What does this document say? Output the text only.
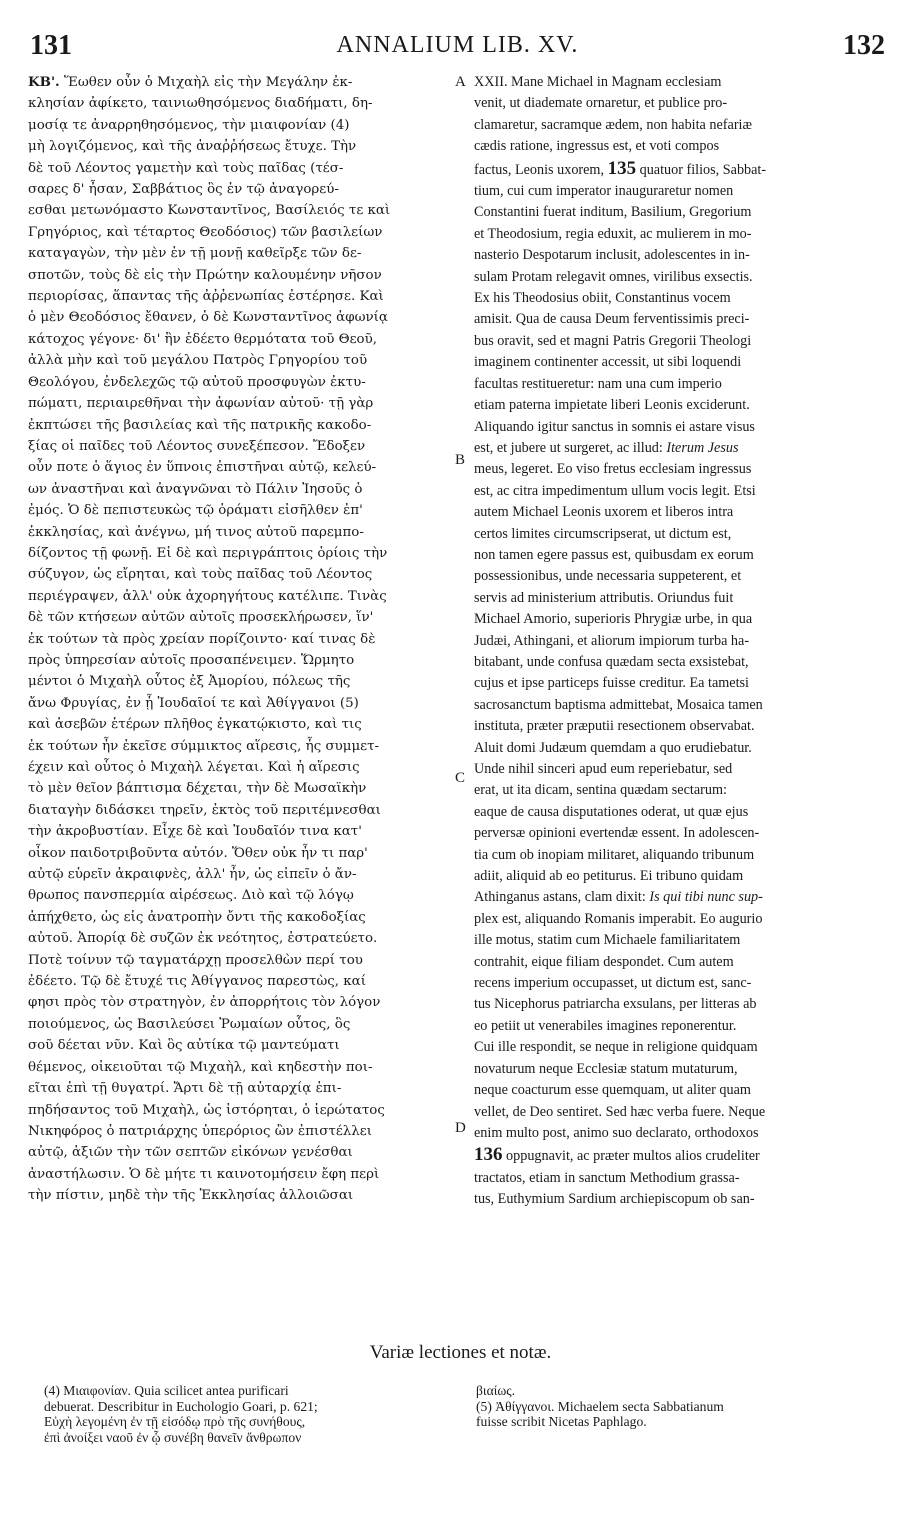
131	ANNALIUM LIB. XV.	132
ΚΒ'. Ἕωθεν οὖν ὁ Μιχαὴλ εἰς τὴν Μεγάλην ἐκ-
κλησίαν ἀφίκετο, ταινιωθησόμενος διαδήματι, δη-
μοσίᾳ τε ἀναρρηθησόμενος, τὴν μιαιφονίαν (4)
μὴ λογιζόμενος, καὶ τῆς ἀναῤῥήσεως ἔτυχε. Τὴν
δὲ τοῦ Λέοντος γαμετὴν καὶ τοὺς παῖδας (τέσ-
σαρες δ' ἦσαν, Σαββάτιος ὃς ἐν τῷ ἀναγορεύ-
εσθαι μετωνόμαστο Κωνσταντῖνος, Βασίλειός τε καὶ
Γρηγόριος, καὶ τέταρτος Θεοδόσιος) τῶν βασιλείων
καταγαγὼν, τὴν μὲν ἐν τῇ μονῇ καθεῖρξε τῶν δε-
σποτῶν, τοὺς δὲ εἰς τὴν Πρώτην καλουμένην νῆσον
περιορίσας, ἅπαντας τῆς ἀῤῥενωπίας ἐστέρησε. Καὶ
ὁ μὲν Θεοδόσιος ἔθανεν, ὁ δὲ Κωνσταντῖνος ἀφωνίᾳ
κάτοχος γέγονε· δι' ἣν ἐδέετο θερμότατα τοῦ Θεοῦ,
ἀλλὰ μὴν καὶ τοῦ μεγάλου Πατρὸς Γρηγορίου τοῦ
Θεολόγου, ἐνδελεχῶς τῷ αὐτοῦ προσφυγὼν ἐκτυ-
πώματι, περιαιρεθῆναι τὴν ἀφωνίαν αὐτοῦ· τῇ γὰρ
ἐκπτώσει τῆς βασιλείας καὶ τῆς πατρικῆς κακοδο-
ξίας οἱ παῖδες τοῦ Λέοντος συνεξέπεσον. Ἔδοξεν
οὖν ποτε ὁ ἅγιος ἐν ὕπνοις ἐπιστῆναι αὐτῷ, κελεύ-
ων ἀναστῆναι καὶ ἀναγνῶναι τὸ Πάλιν Ἰησοῦς ὁ
ἐμός. Ὁ δὲ πεπιστευκὼς τῷ ὁράματι εἰσῆλθεν ἐπ'
ἐκκλησίας, καὶ ἀνέγνω, μή τινος αὐτοῦ παρεμπο-
δίζοντος τῇ φωνῇ. Εἰ δὲ καὶ περιγράπτοις ὁρίοις τὴν
σύζυγον, ὡς εἴρηται, καὶ τοὺς παῖδας τοῦ Λέοντος
περιέγραψεν, ἀλλ' οὐκ ἀχορηγήτους κατέλιπε. Τινὰς
δὲ τῶν κτήσεων αὐτῶν αὐτοῖς προσεκλήρωσεν, ἵν'
ἐκ τούτων τὰ πρὸς χρείαν πορίζοιντο· καί τινας δὲ
πρὸς ὑπηρεσίαν αὐτοῖς προσαπένειμεν. Ὥρμητο
μέντοι ὁ Μιχαὴλ οὗτος ἐξ Ἀμορίου, πόλεως τῆς
ἄνω Φρυγίας, ἐν ᾗ Ἰουδαῖοί τε καὶ Ἀθίγγανοι (5)
καὶ ἀσεβῶν ἑτέρων πλῆθος ἐγκατῴκιστο, καὶ τις
ἐκ τούτων ἦν ἐκεῖσε σύμμικτος αἵρεσις, ἧς συμμετ-
έχειν καὶ οὗτος ὁ Μιχαὴλ λέγεται. Καὶ ἡ αἵρεσις
τὸ μὲν θεῖον βάπτισμα δέχεται, τὴν δὲ Μωσαϊκὴν
διαταγὴν διδάσκει τηρεῖν, ἐκτὸς τοῦ περιτέμνεσθαι
τὴν ἀκροβυστίαν. Εἶχε δὲ καὶ Ἰουδαῖόν τινα κατ'
οἶκον παιδοτριβοῦντα αὐτόν. Ὅθεν οὐκ ἦν τι παρ'
αὐτῷ εὑρεῖν ἀκραιφνὲς, ἀλλ' ἦν, ὡς εἰπεῖν ὁ ἄν-
θρωπος πανσπερμία αἱρέσεως. Διὸ καὶ τῷ λόγῳ
ἀπήχθετο, ὡς εἰς ἀνατροπὴν ὄντι τῆς κακοδοξίας
αὐτοῦ. Ἀπορίᾳ δὲ συζῶν ἐκ νεότητος, ἐστρατεύετο.
Ποτὲ τοίνυν τῷ ταγματάρχῃ προσελθὼν περί του
ἐδέετο. Τῷ δὲ ἔτυχέ τις Ἀθίγγανος παρεστὼς, καί
φησι πρὸς τὸν στρατηγὸν, ἐν ἀπορρήτοις τὸν λόγον
ποιούμενος, ὡς Βασιλεύσει Ῥωμαίων οὗτος, ὃς
σοῦ δέεται νῦν. Καὶ ὃς αὐτίκα τῷ μαντεύματι
θέμενος, οἰκειοῦται τῷ Μιχαὴλ, καὶ κηδεστὴν ποι-
εῖται ἐπὶ τῇ θυγατρί. Ἄρτι δὲ τῇ αὐταρχίᾳ ἐπι-
πηδήσαντος τοῦ Μιχαὴλ, ὡς ἱστόρηται, ὁ ἱερώτατος
Νικηφόρος ὁ πατριάρχης ὑπερόριος ὢν ἐπιστέλλει
αὐτῷ, ἀξιῶν τὴν τῶν σεπτῶν εἰκόνων γενέσθαι
ἀναστήλωσιν. Ὁ δὲ μήτε τι καινοτομήσειν ἔφη περὶ
τὴν πίστιν, μηδὲ τὴν τῆς Ἐκκλησίας ἀλλοιῶσαι
XXII. Mane Michael in Magnam ecclesiam
venit, ut diademate ornaretur, et publice pro-
clamaretur, sacramque ædem, non habita nefariæ
cædis ratione, ingressus est, et voti compos
factus, Leonis uxorem, 135 quatuor filios, Sabbat-
tium, cui cum imperator inauguraretur nomen
Constantini fuerat inditum, Basilium, Gregorium
et Theodosium, regia eduxit, ac mulierem in mo-
nasterio Despotarum inclusit, adolescentes in in-
sulam Protam relegavit omnes, virilibus exsectis.
Ex his Theodosius obiit, Constantinus vocem
amisit. Qua de causa Deum ferventissimis preci-
bus oravit, sed et magni Patris Gregorii Theologi
imaginem continenter accessit, ut sibi loquendi
facultas restitueretur: nam una cum imperio
etiam paterna impietate liberi Leonis exciderunt.
Aliquando igitur sanctus in somnis ei astare visus
est, et jubere ut surgeret, ac illud: Iterum Jesus
meus, legeret. Eo viso fretus ecclesiam ingressus
est, ac citra impedimentum ullum vocis legit. Etsi
autem Michael Leonis uxorem et liberos intra
certos limites circumscripserat, ut dictum est,
non tamen egere passus est, quibusdam ex eorum
possessionibus, unde necessaria suppeterent, et
servis ad ministerium attributis. Oriundus fuit
Michael Amorio, superioris Phrygiæ urbe, in qua
Judæi, Athingani, et aliorum impiorum turba ha-
bitabant, unde confusa quædam secta exsistebat,
cujus et ipse particeps fuisse creditur. Ea tametsi
sacrosanctum baptisma admittebat, Mosaica tamen
instituta, præter præputii resectionem observabat.
Aluit domi Judæum quemdam a quo erudiebatur.
Unde nihil sinceri apud eum reperiebatur, sed
erat, ut ita dicam, sentina quædam sectarum:
eaque de causa disputationes oderat, ut quæ ejus
perversæ opinioni evertendæ essent. In adolescen-
tia cum ob inopiam militaret, aliquando tribunum
adiit, aliquid ab eo petiturus. Ei tribuno quidam
Athinganus astans, clam dixit: Is qui tibi nunc sup-
plex est, aliquando Romanis imperabit. Eo augurio
ille motus, statim cum Michaele familiaritatem
contrahit, eique filiam despondet. Cum autem
recens imperium occupasset, ut dictum est, sanc-
tus Nicephorus patriarcha exsulans, per litteras ab
eo petiit ut venerabiles imagines reponerentur.
Cui ille respondit, se neque in religione quidquam
novaturum neque Ecclesiæ statum mutaturum,
neque coacturum esse quemquam, ut aliter quam
vellet, de Deo sentiret. Sed hæc verba fuere. Neque
enim multo post, animo suo declarato, orthodoxos
136 oppugnavit, ac præter multos alios crudeliter
tractatos, etiam in sanctum Methodium grassa-
tus, Euthymium Sardium archiepiscopum ob san-
A
B
C
D
Variæ lectiones et notæ.
(4) Μιαιφονίαν. Quia scilicet antea purificari
debuerat. Describitur in Euchologio Goari, p. 621;
Εὐχὴ λεγομένη ἐν τῇ εἰσόδῳ πρὸ τῆς συνήθους,
ἐπὶ ἀνοίξει ναοῦ ἐν ᾧ συνέβη θανεῖν ἄνθρωπον
βιαίως.
(5) Ἀθίγγανοι. Michaelem secta Sabbatianum
fuisse scribit Nicetas Paphlago.
